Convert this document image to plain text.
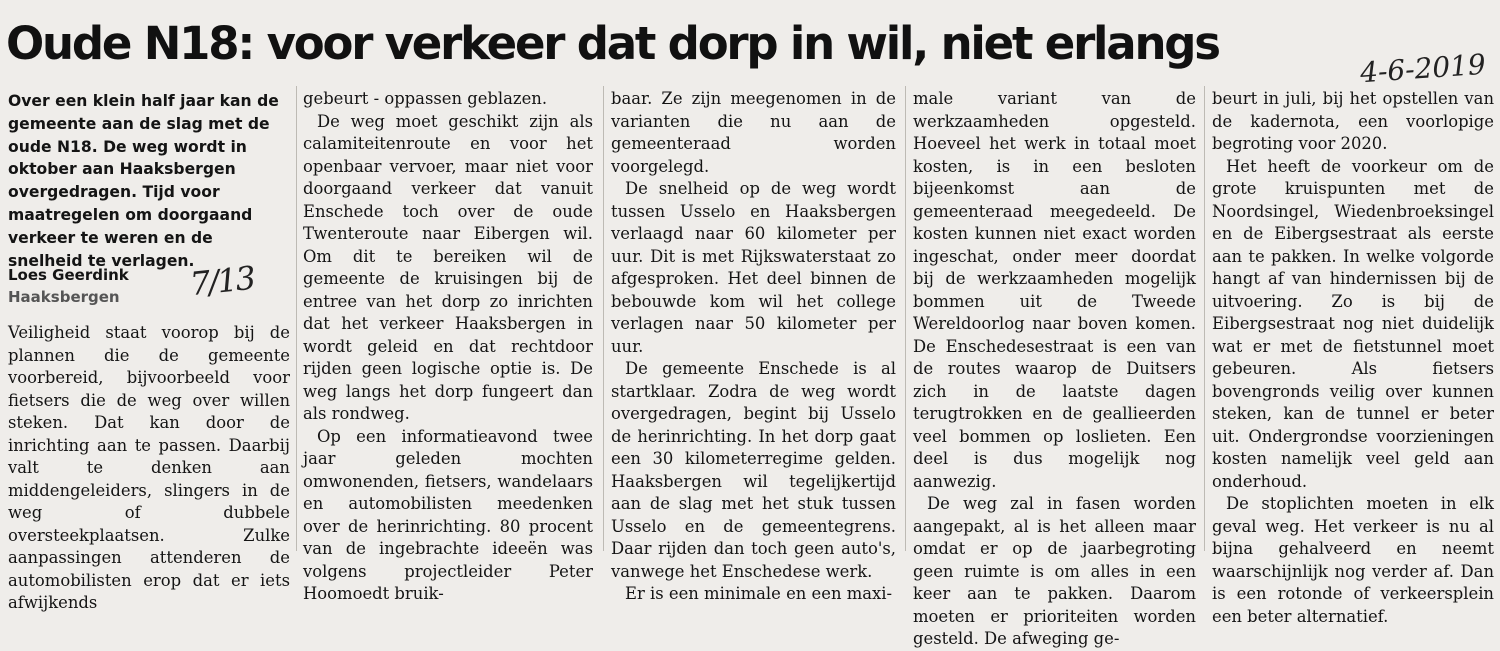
Oude N18: voor verkeer dat dorp in wil, niet erlangs	4-6-2019

Over een klein half jaar kan de gemeente aan de slag met de oude N18. De weg wordt in oktober aan Haaksbergen overgedragen. Tijd voor maatregelen om doorgaand verkeer te weren en de snelheid te verlagen.

Loes Geerdink
Haaksbergen	7/13

Veiligheid staat voorop bij de plannen die de gemeente voorbereid, bijvoorbeeld voor fietsers die de weg over willen steken. Dat kan door de inrichting aan te passen. Daarbij valt te denken aan middengeleiders, slingers in de weg of dubbele oversteekplaatsen. Zulke aanpassingen attenderen de automobilisten erop dat er iets afwijkends

gebeurt - oppassen geblazen.

De weg moet geschikt zijn als calamiteitenroute en voor het openbaar vervoer, maar niet voor doorgaand verkeer dat vanuit Enschede toch over de oude Twenteroute naar Eibergen wil. Om dit te bereiken wil de gemeente de kruisingen bij de entree van het dorp zo inrichten dat het verkeer Haaksbergen in wordt geleid en dat rechtdoor rijden geen logische optie is. De weg langs het dorp fungeert dan als rondweg.

Op een informatieavond twee jaar geleden mochten omwonenden, fietsers, wandelaars en automobilisten meedenken over de herinrichting. 80 procent van de ingebrachte ideeën was volgens projectleider Peter Hoomoedt bruik-

baar. Ze zijn meegenomen in de varianten die nu aan de gemeenteraad worden voorgelegd.

De snelheid op de weg wordt tussen Usselo en Haaksbergen verlaagd naar 60 kilometer per uur. Dit is met Rijkswaterstaat zo afgesproken. Het deel binnen de bebouwde kom wil het college verlagen naar 50 kilometer per uur.

De gemeente Enschede is al startklaar. Zodra de weg wordt overgedragen, begint bij Usselo de herinrichting. In het dorp gaat een 30 kilometerregime gelden. Haaksbergen wil tegelijkertijd aan de slag met het stuk tussen Usselo en de gemeentegrens. Daar rijden dan toch geen auto's, vanwege het Enschedese werk.

Er is een minimale en een maxi-

male variant van de werkzaamheden opgesteld. Hoeveel het werk in totaal moet kosten, is in een besloten bijeenkomst aan de gemeenteraad meegedeeld. De kosten kunnen niet exact worden ingeschat, onder meer doordat bij de werkzaamheden mogelijk bommen uit de Tweede Wereldoorlog naar boven komen. De Enschedesestraat is een van de routes waarop de Duitsers zich in de laatste dagen terugtrokken en de geallieerden veel bommen op loslieten. Een deel is dus mogelijk nog aanwezig.

De weg zal in fasen worden aangepakt, al is het alleen maar omdat er op de jaarbegroting geen ruimte is om alles in een keer aan te pakken. Daarom moeten er prioriteiten worden gesteld. De afweging ge-

beurt in juli, bij het opstellen van de kadernota, een voorlopige begroting voor 2020.

Het heeft de voorkeur om de grote kruispunten met de Noordsingel, Wiedenbroeksingel en de Eibergsestraat als eerste aan te pakken. In welke volgorde hangt af van hindernissen bij de uitvoering. Zo is bij de Eibergsestraat nog niet duidelijk wat er met de fietstunnel moet gebeuren. Als fietsers bovengronds veilig over kunnen steken, kan de tunnel er beter uit. Ondergrondse voorzieningen kosten namelijk veel geld aan onderhoud.

De stoplichten moeten in elk geval weg. Het verkeer is nu al bijna gehalveerd en neemt waarschijnlijk nog verder af. Dan is een rotonde of verkeersplein een beter alternatief.
